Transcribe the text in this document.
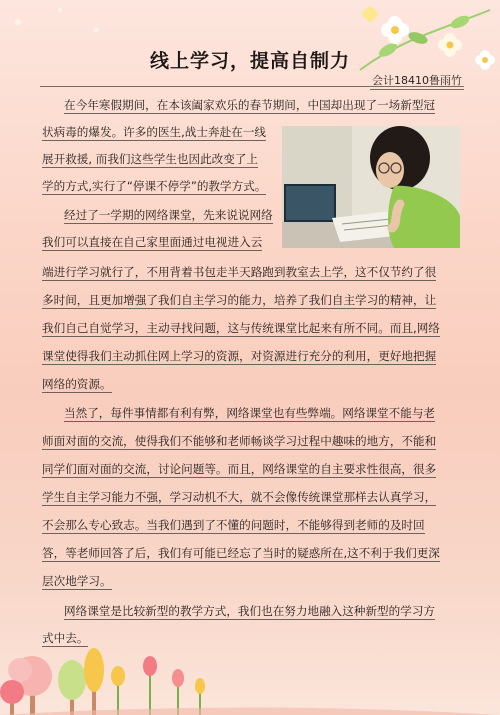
线上学习，提高自制力
会计18410鲁雨竹
在今年寒假期间，在本该阖家欢乐的春节期间，中国却出现了一场新型冠
状病毒的爆发。许多的医生,战士奔赴在一线
展开救援, 而我们这些学生也因此改变了上
学的方式,实行了“停课不停学”的教学方式。
经过了一学期的网络课堂，先来说说网络
我们可以直接在自己家里面通过电视进入云
端进行学习就行了，不用背着书包走半天路跑到教室去上学，这不仅节约了很
多时间，且更加增强了我们自主学习的能力，培养了我们自主学习的精神，让
我们自己自觉学习，主动寻找问题，这与传统课堂比起来有所不同。而且,网络
课堂使得我们主动抓住网上学习的资源，对资源进行充分的利用，更好地把握
网络的资源。
当然了，每件事情都有利有弊，网络课堂也有些弊端。网络课堂不能与老
师面对面的交流，使得我们不能够和老师畅谈学习过程中趣味的地方，不能和
同学们面对面的交流，讨论问题等。而且，网络课堂的自主要求性很高，很多
学生自主学习能力不强，学习动机不大，就不会像传统课堂那样去认真学习，
不会那么专心致志。当我们遇到了不懂的问题时，不能够得到老师的及时回
答，等老师回答了后，我们有可能已经忘了当时的疑惑所在,这不利于我们更深
层次地学习。
网络课堂是比较新型的教学方式，我们也在努力地融入这种新型的学习方
式中去。
